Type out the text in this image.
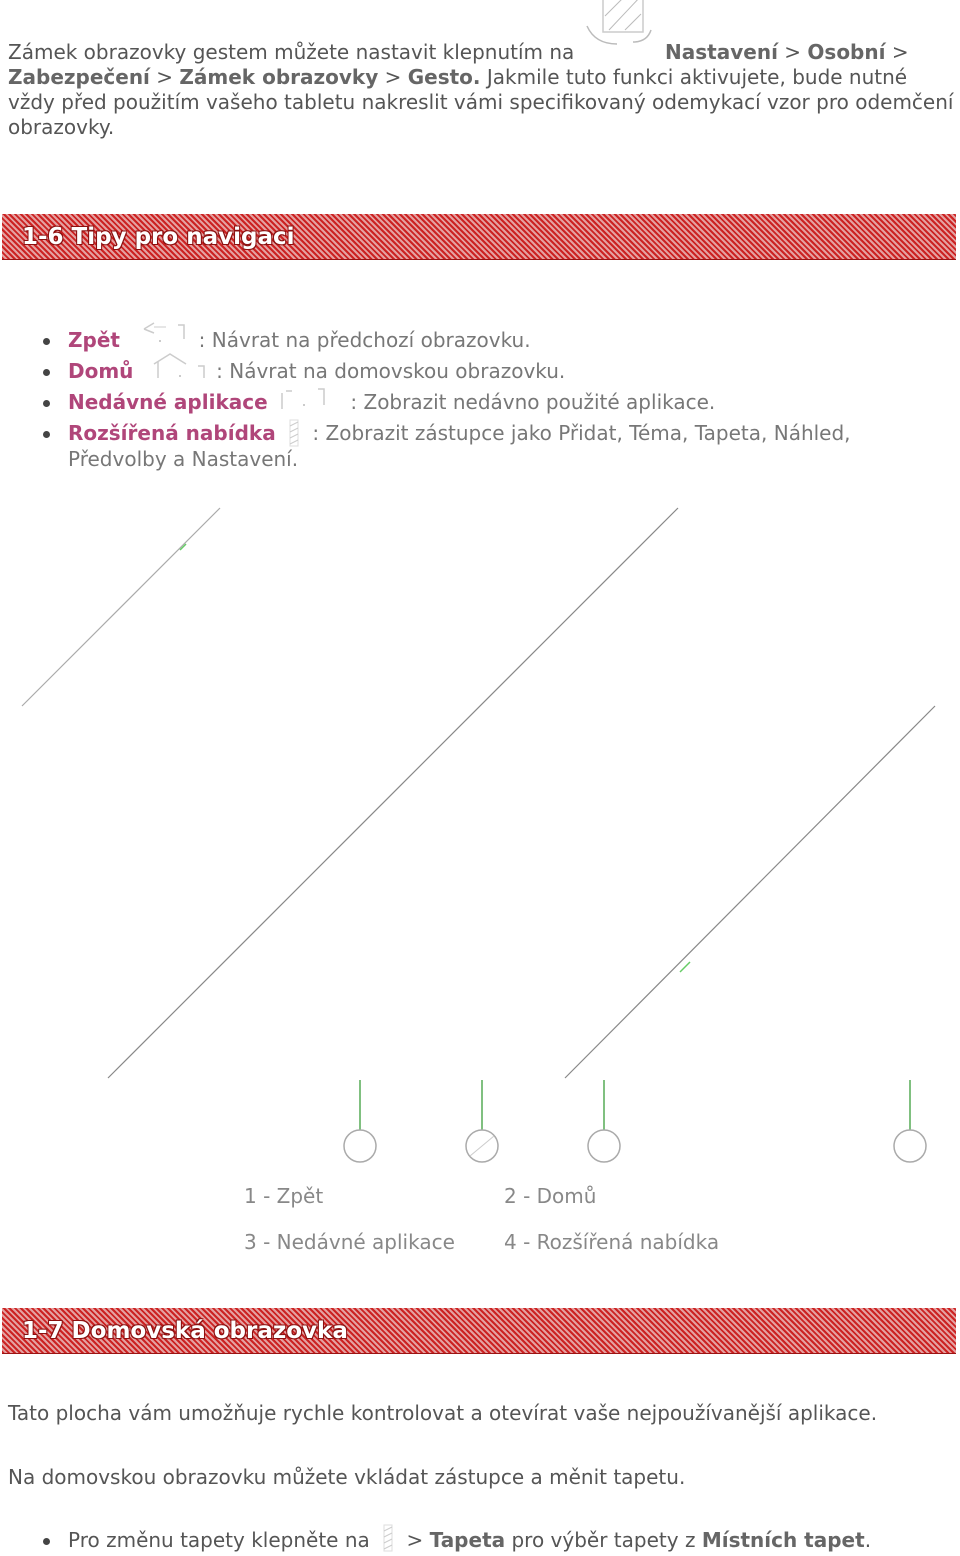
Zámek obrazovky gestem můžete nastavit klepnutím na	Nastavení > Osobní >
Zabezpečení > Zámek obrazovky > Gesto. Jakmile tuto funkci aktivujete, bude nutné vždy před použitím vašeho tabletu nakreslit vámi specifikovaný odemykací vzor pro odemčení obrazovky.

1-6 Tipy pro navigaci
Zpět	: Návrat na předchozí obrazovku.
Domů	: Návrat na domovskou obrazovku.
Nedávné aplikace	: Zobrazit nedávno použité aplikace.
Rozšířená nabídka : Zobrazit zástupce jako Přidat, Téma, Tapeta, Náhled, Předvolby a Nastavení.
1 - Zpět	2 - Domů
3 - Nedávné aplikace 4 - Rozšířená nabídka
1-7 Domovská obrazovka

Tato plocha vám umožňuje rychle kontrolovat a otevírat vaše nejpoužívanější aplikace.

Na domovskou obrazovku můžete vkládat zástupce a měnit tapetu.

Pro změnu tapety klepněte na > Tapeta pro výběr tapety z Místních tapet.
